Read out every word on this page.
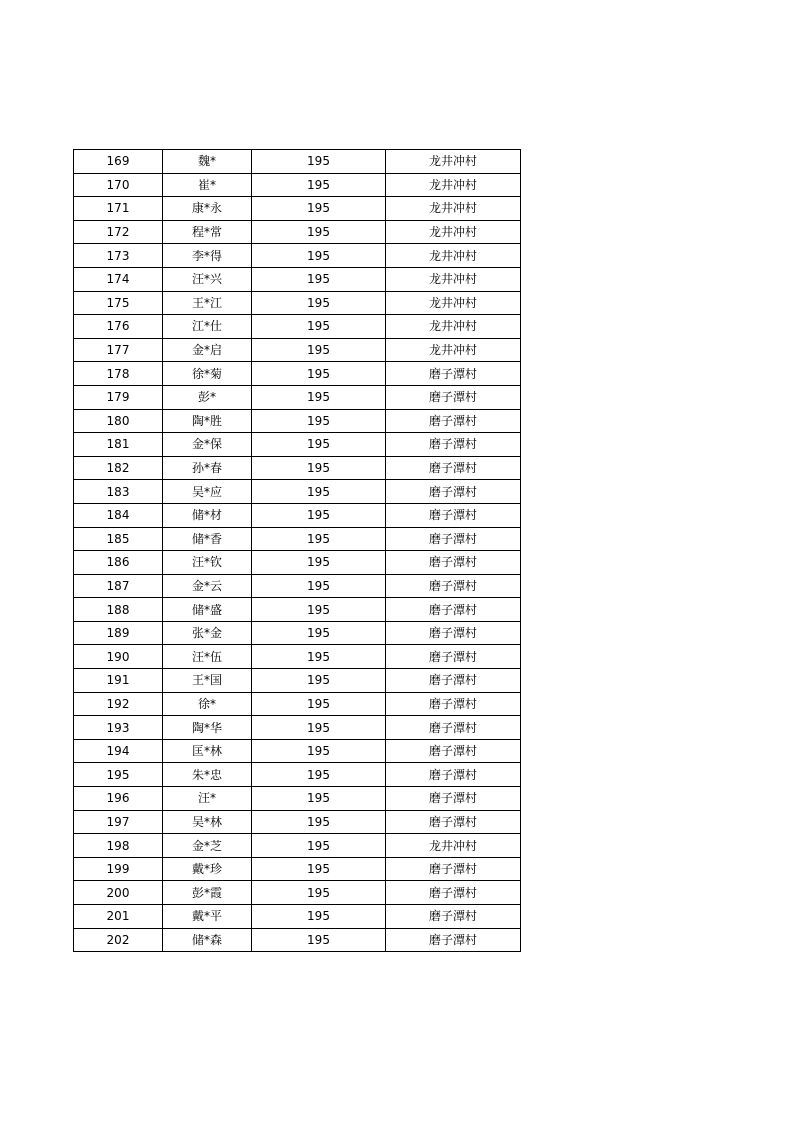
169	魏*	195	龙井冲村
170	崔*	195	龙井冲村
171	康*永	195	龙井冲村
172	程*常	195	龙井冲村
173	李*得	195	龙井冲村
174	汪*兴	195	龙井冲村
175	王*江	195	龙井冲村
176	江*仕	195	龙井冲村
177	金*启	195	龙井冲村
178	徐*菊	195	磨子潭村
179	彭*	195	磨子潭村
180	陶*胜	195	磨子潭村
181	金*保	195	磨子潭村
182	孙*春	195	磨子潭村
183	吴*应	195	磨子潭村
184	储*材	195	磨子潭村
185	储*香	195	磨子潭村
186	汪*钦	195	磨子潭村
187	金*云	195	磨子潭村
188	储*盛	195	磨子潭村
189	张*金	195	磨子潭村
190	汪*伍	195	磨子潭村
191	王*国	195	磨子潭村
192	徐*	195	磨子潭村
193	陶*华	195	磨子潭村
194	匡*林	195	磨子潭村
195	朱*忠	195	磨子潭村
196	汪*	195	磨子潭村
197	吴*林	195	磨子潭村
198	金*芝	195	龙井冲村
199	戴*珍	195	磨子潭村
200	彭*霞	195	磨子潭村
201	戴*平	195	磨子潭村
202	储*森	195	磨子潭村
